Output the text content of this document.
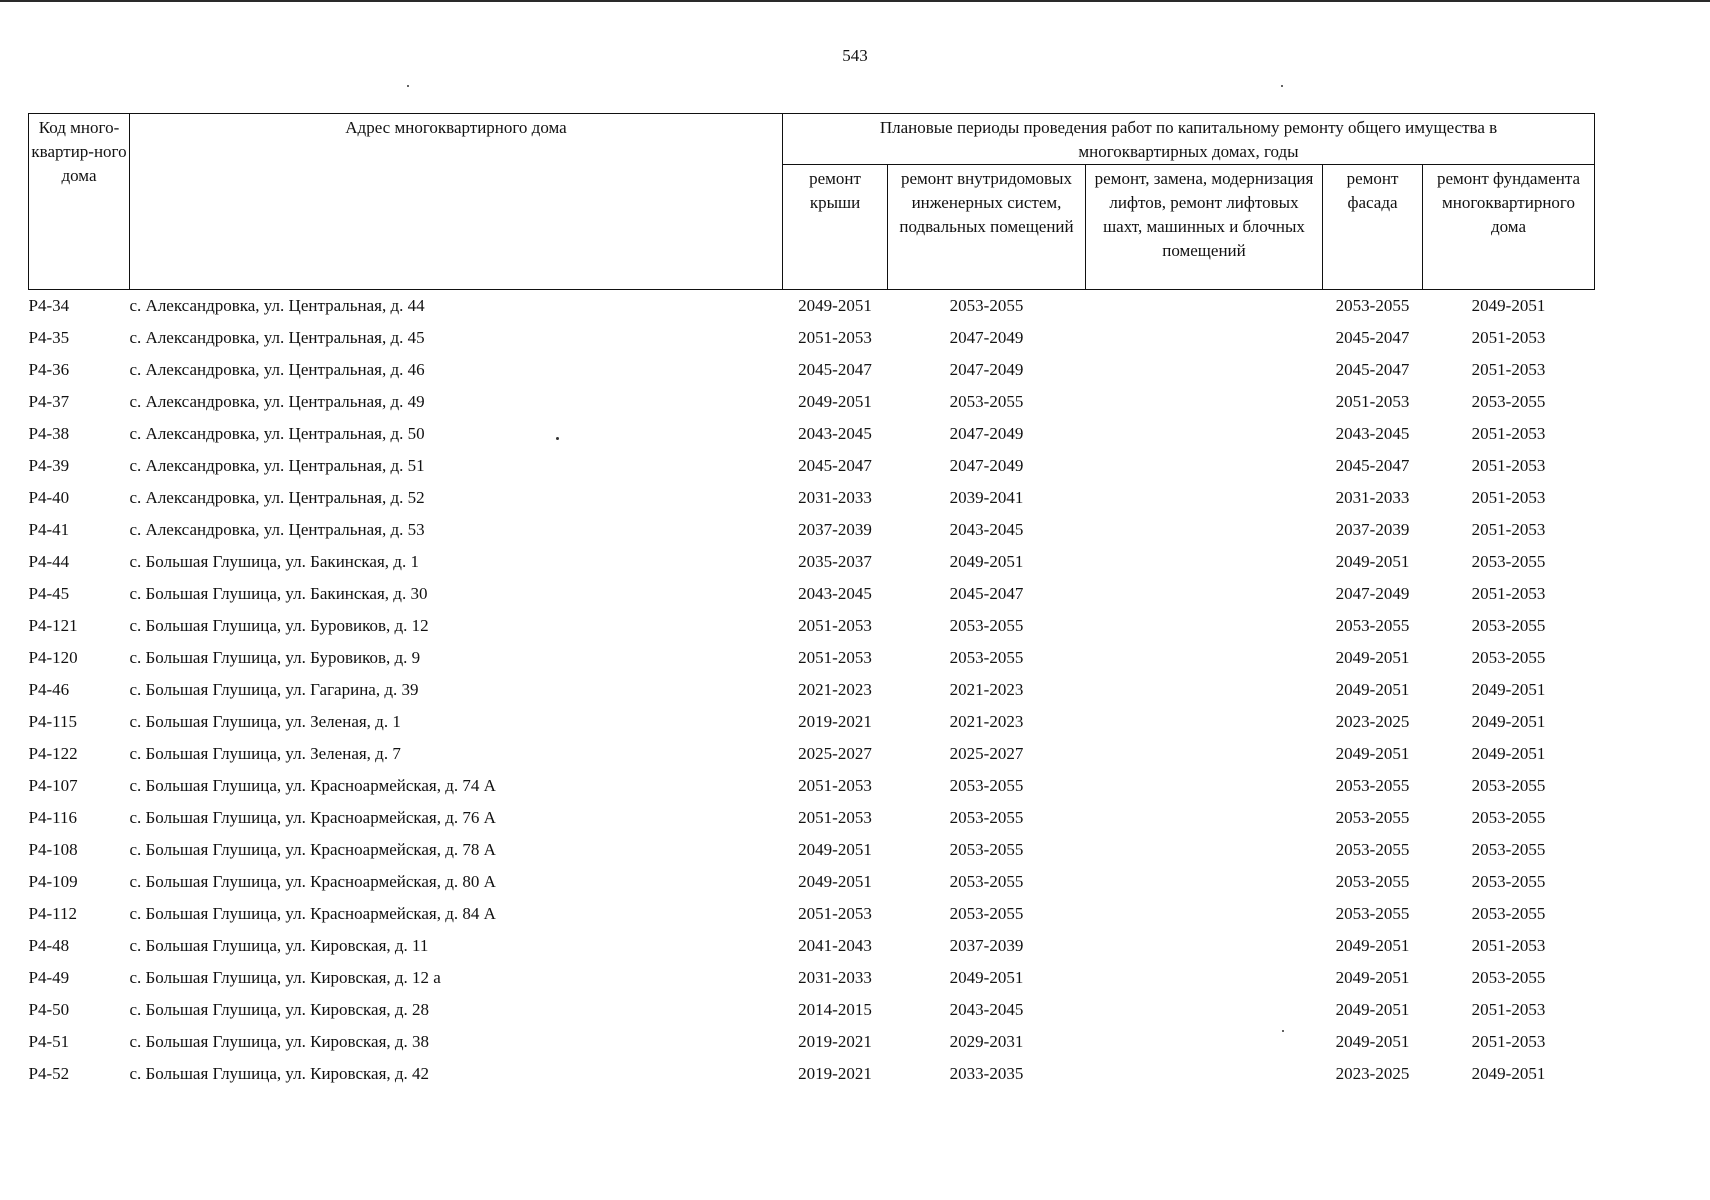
543
Код много-квартир-ного дома	Адрес многоквартирного дома	Плановые периоды проведения работ по капитальному ремонту общего имущества в многоквартирных домах, годы				
		ремонт крыши	ремонт внутридомовых инженерных систем, подвальных помещений	ремонт, замена, модернизация лифтов, ремонт лифтовых шахт, машинных и блочных помещений	ремонт фасада	ремонт фундамента многоквартирного дома
Р4-34	с. Александровка, ул. Центральная, д. 44	2049-2051	2053-2055		2053-2055	2049-2051
Р4-35	с. Александровка, ул. Центральная, д. 45	2051-2053	2047-2049		2045-2047	2051-2053
Р4-36	с. Александровка, ул. Центральная, д. 46	2045-2047	2047-2049		2045-2047	2051-2053
Р4-37	с. Александровка, ул. Центральная, д. 49	2049-2051	2053-2055		2051-2053	2053-2055
Р4-38	с. Александровка, ул. Центральная, д. 50	2043-2045	2047-2049		2043-2045	2051-2053
Р4-39	с. Александровка, ул. Центральная, д. 51	2045-2047	2047-2049		2045-2047	2051-2053
Р4-40	с. Александровка, ул. Центральная, д. 52	2031-2033	2039-2041		2031-2033	2051-2053
Р4-41	с. Александровка, ул. Центральная, д. 53	2037-2039	2043-2045		2037-2039	2051-2053
Р4-44	с. Большая Глушица, ул. Бакинская, д. 1	2035-2037	2049-2051		2049-2051	2053-2055
Р4-45	с. Большая Глушица, ул. Бакинская, д. 30	2043-2045	2045-2047		2047-2049	2051-2053
Р4-121	с. Большая Глушица, ул. Буровиков, д. 12	2051-2053	2053-2055		2053-2055	2053-2055
Р4-120	с. Большая Глушица, ул. Буровиков, д. 9	2051-2053	2053-2055		2049-2051	2053-2055
Р4-46	с. Большая Глушица, ул. Гагарина, д. 39	2021-2023	2021-2023		2049-2051	2049-2051
Р4-115	с. Большая Глушица, ул. Зеленая, д. 1	2019-2021	2021-2023		2023-2025	2049-2051
Р4-122	с. Большая Глушица, ул. Зеленая, д. 7	2025-2027	2025-2027		2049-2051	2049-2051
Р4-107	с. Большая Глушица, ул. Красноармейская, д. 74 А	2051-2053	2053-2055		2053-2055	2053-2055
Р4-116	с. Большая Глушица, ул. Красноармейская, д. 76 А	2051-2053	2053-2055		2053-2055	2053-2055
Р4-108	с. Большая Глушица, ул. Красноармейская, д. 78 А	2049-2051	2053-2055		2053-2055	2053-2055
Р4-109	с. Большая Глушица, ул. Красноармейская, д. 80 А	2049-2051	2053-2055		2053-2055	2053-2055
Р4-112	с. Большая Глушица, ул. Красноармейская, д. 84 А	2051-2053	2053-2055		2053-2055	2053-2055
Р4-48	с. Большая Глушица, ул. Кировская, д. 11	2041-2043	2037-2039		2049-2051	2051-2053
Р4-49	с. Большая Глушица, ул. Кировская, д. 12 а	2031-2033	2049-2051		2049-2051	2053-2055
Р4-50	с. Большая Глушица, ул. Кировская, д. 28	2014-2015	2043-2045		2049-2051	2051-2053
Р4-51	с. Большая Глушица, ул. Кировская, д. 38	2019-2021	2029-2031		2049-2051	2051-2053
Р4-52	с. Большая Глушица, ул. Кировская, д. 42	2019-2021	2033-2035		2023-2025	2049-2051
